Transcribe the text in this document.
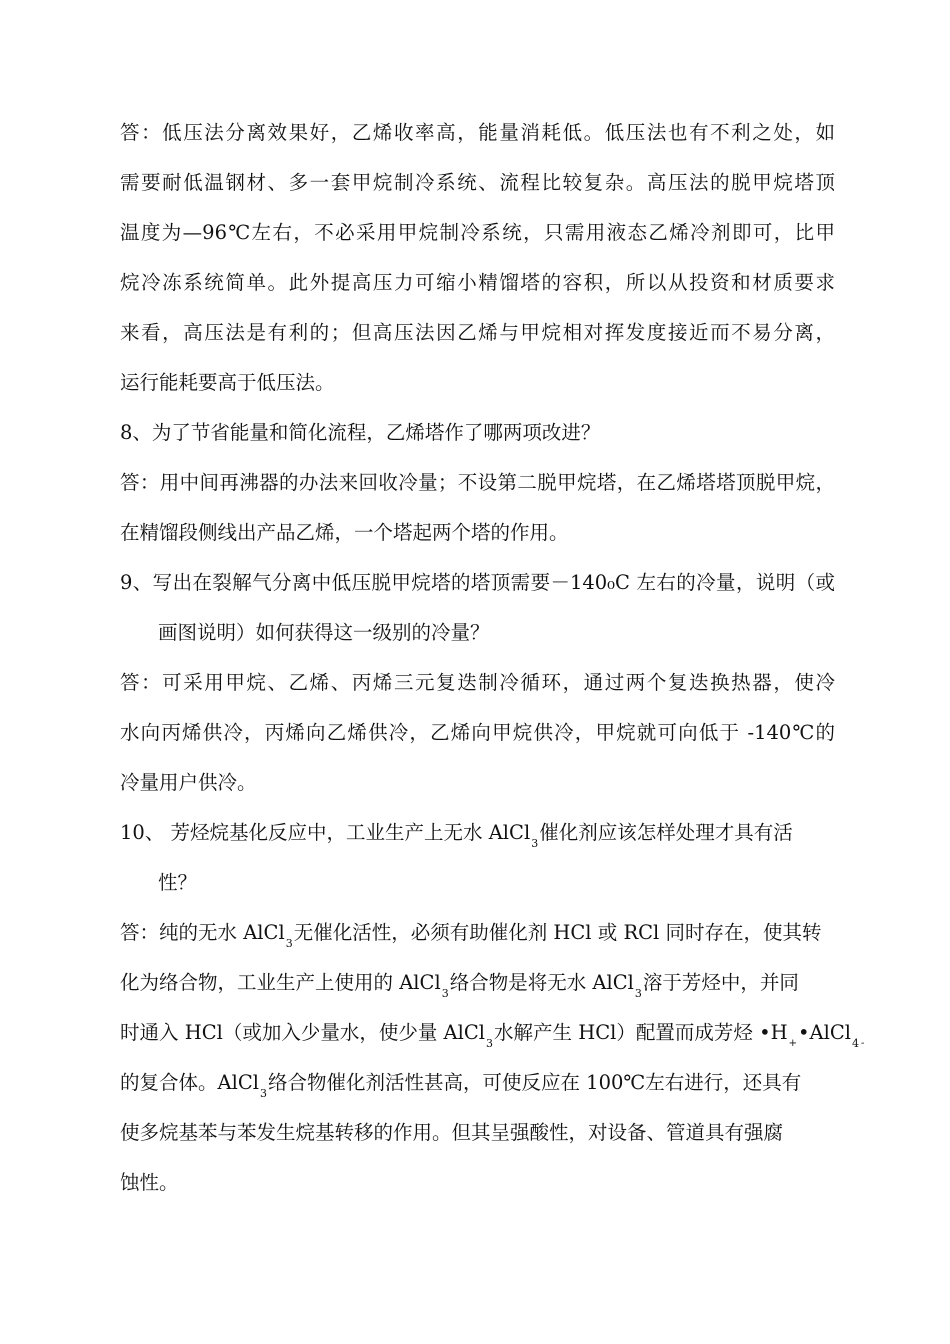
答：低压法分离效果好，乙烯收率高，能量消耗低。低压法也有不利之处，如
需要耐低温钢材、多一套甲烷制冷系统、流程比较复杂。高压法的脱甲烷塔顶
温度为—96℃左右，不必采用甲烷制冷系统，只需用液态乙烯冷剂即可，比甲
烷冷冻系统简单。此外提高压力可缩小精馏塔的容积，所以从投资和材质要求
来看，高压法是有利的；但高压法因乙烯与甲烷相对挥发度接近而不易分离，
运行能耗要高于低压法。
8、为了节省能量和简化流程，乙烯塔作了哪两项改进？
答：用中间再沸器的办法来回收冷量；不设第二脱甲烷塔，在乙烯塔塔顶脱甲烷，
在精馏段侧线出产品乙烯，一个塔起两个塔的作用。
9、写出在裂解气分离中低压脱甲烷塔的塔顶需要－140₀C 左右的冷量，说明（或
画图说明）如何获得这一级别的冷量？
答：可采用甲烷、乙烯、丙烯三元复迭制冷循环，通过两个复迭换热器，使冷
水向丙烯供冷，丙烯向乙烯供冷，乙烯向甲烷供冷，甲烷就可向低于 -140℃的
冷量用户供冷。
10、 芳烃烷基化反应中，工业生产上无水 AlCl$_3$催化剂应该怎样处理才具有活
性？
答：纯的无水 AlCl$_3$无催化活性，必须有助催化剂 HCl 或 RCl 同时存在，使其转
化为络合物，工业生产上使用的 AlCl$_3$络合物是将无水 AlCl$_3$溶于芳烃中，并同
时通入 HCl（或加入少量水，使少量 AlCl$_3$水解产生 HCl）配置而成芳烃 $•H_+•AlCl_4$ $_-$
的复合体。AlCl$_3$络合物催化剂活性甚高，可使反应在 100℃左右进行，还具有
使多烷基苯与苯发生烷基转移的作用。但其呈强酸性，对设备、管道具有强腐
蚀性。
